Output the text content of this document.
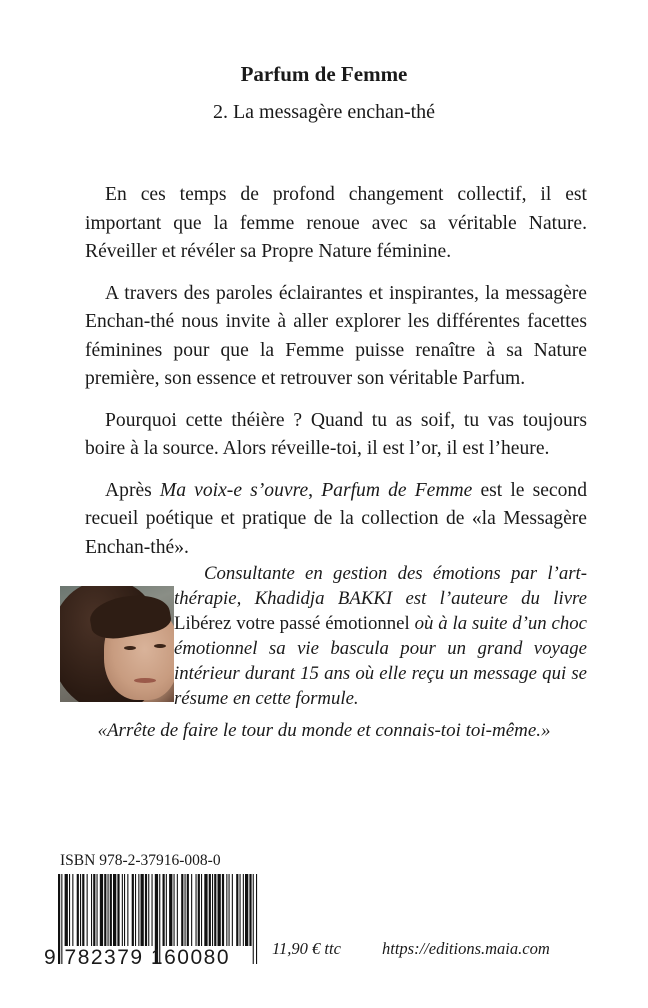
Parfum de Femme
2. La messagère enchan-thé

En ces temps de profond changement collectif, il est important que la femme renoue avec sa véritable Nature. Réveiller et révéler sa Propre Nature féminine.

A travers des paroles éclairantes et inspirantes, la messagère Enchan-thé nous invite à aller explorer les différentes facettes féminines pour que la Femme puisse renaître à sa Nature première, son essence et retrouver son véritable Parfum.

Pourquoi cette théière ? Quand tu as soif, tu vas toujours boire à la source. Alors réveille-toi, il est l’or, il est l’heure.

Après Ma voix-e s’ouvre, Parfum de Femme est le second recueil poétique et pratique de la collection de «la Messagère Enchan-thé».

Consultante en gestion des émotions par l’art-thérapie, Khadidja BAKKI est l’auteure du livre Libérez votre passé émotionnel où à la suite d’un choc émotionnel sa vie bascula pour un grand voyage intérieur durant 15 ans où elle reçu un message qui se résume en cette formule.
«Arrête de faire le tour du monde et connais-toi toi-même.»
ISBN 978-2-37916-008-0
9 782379 160080	11,90 € ttc https://editions.maia.com
